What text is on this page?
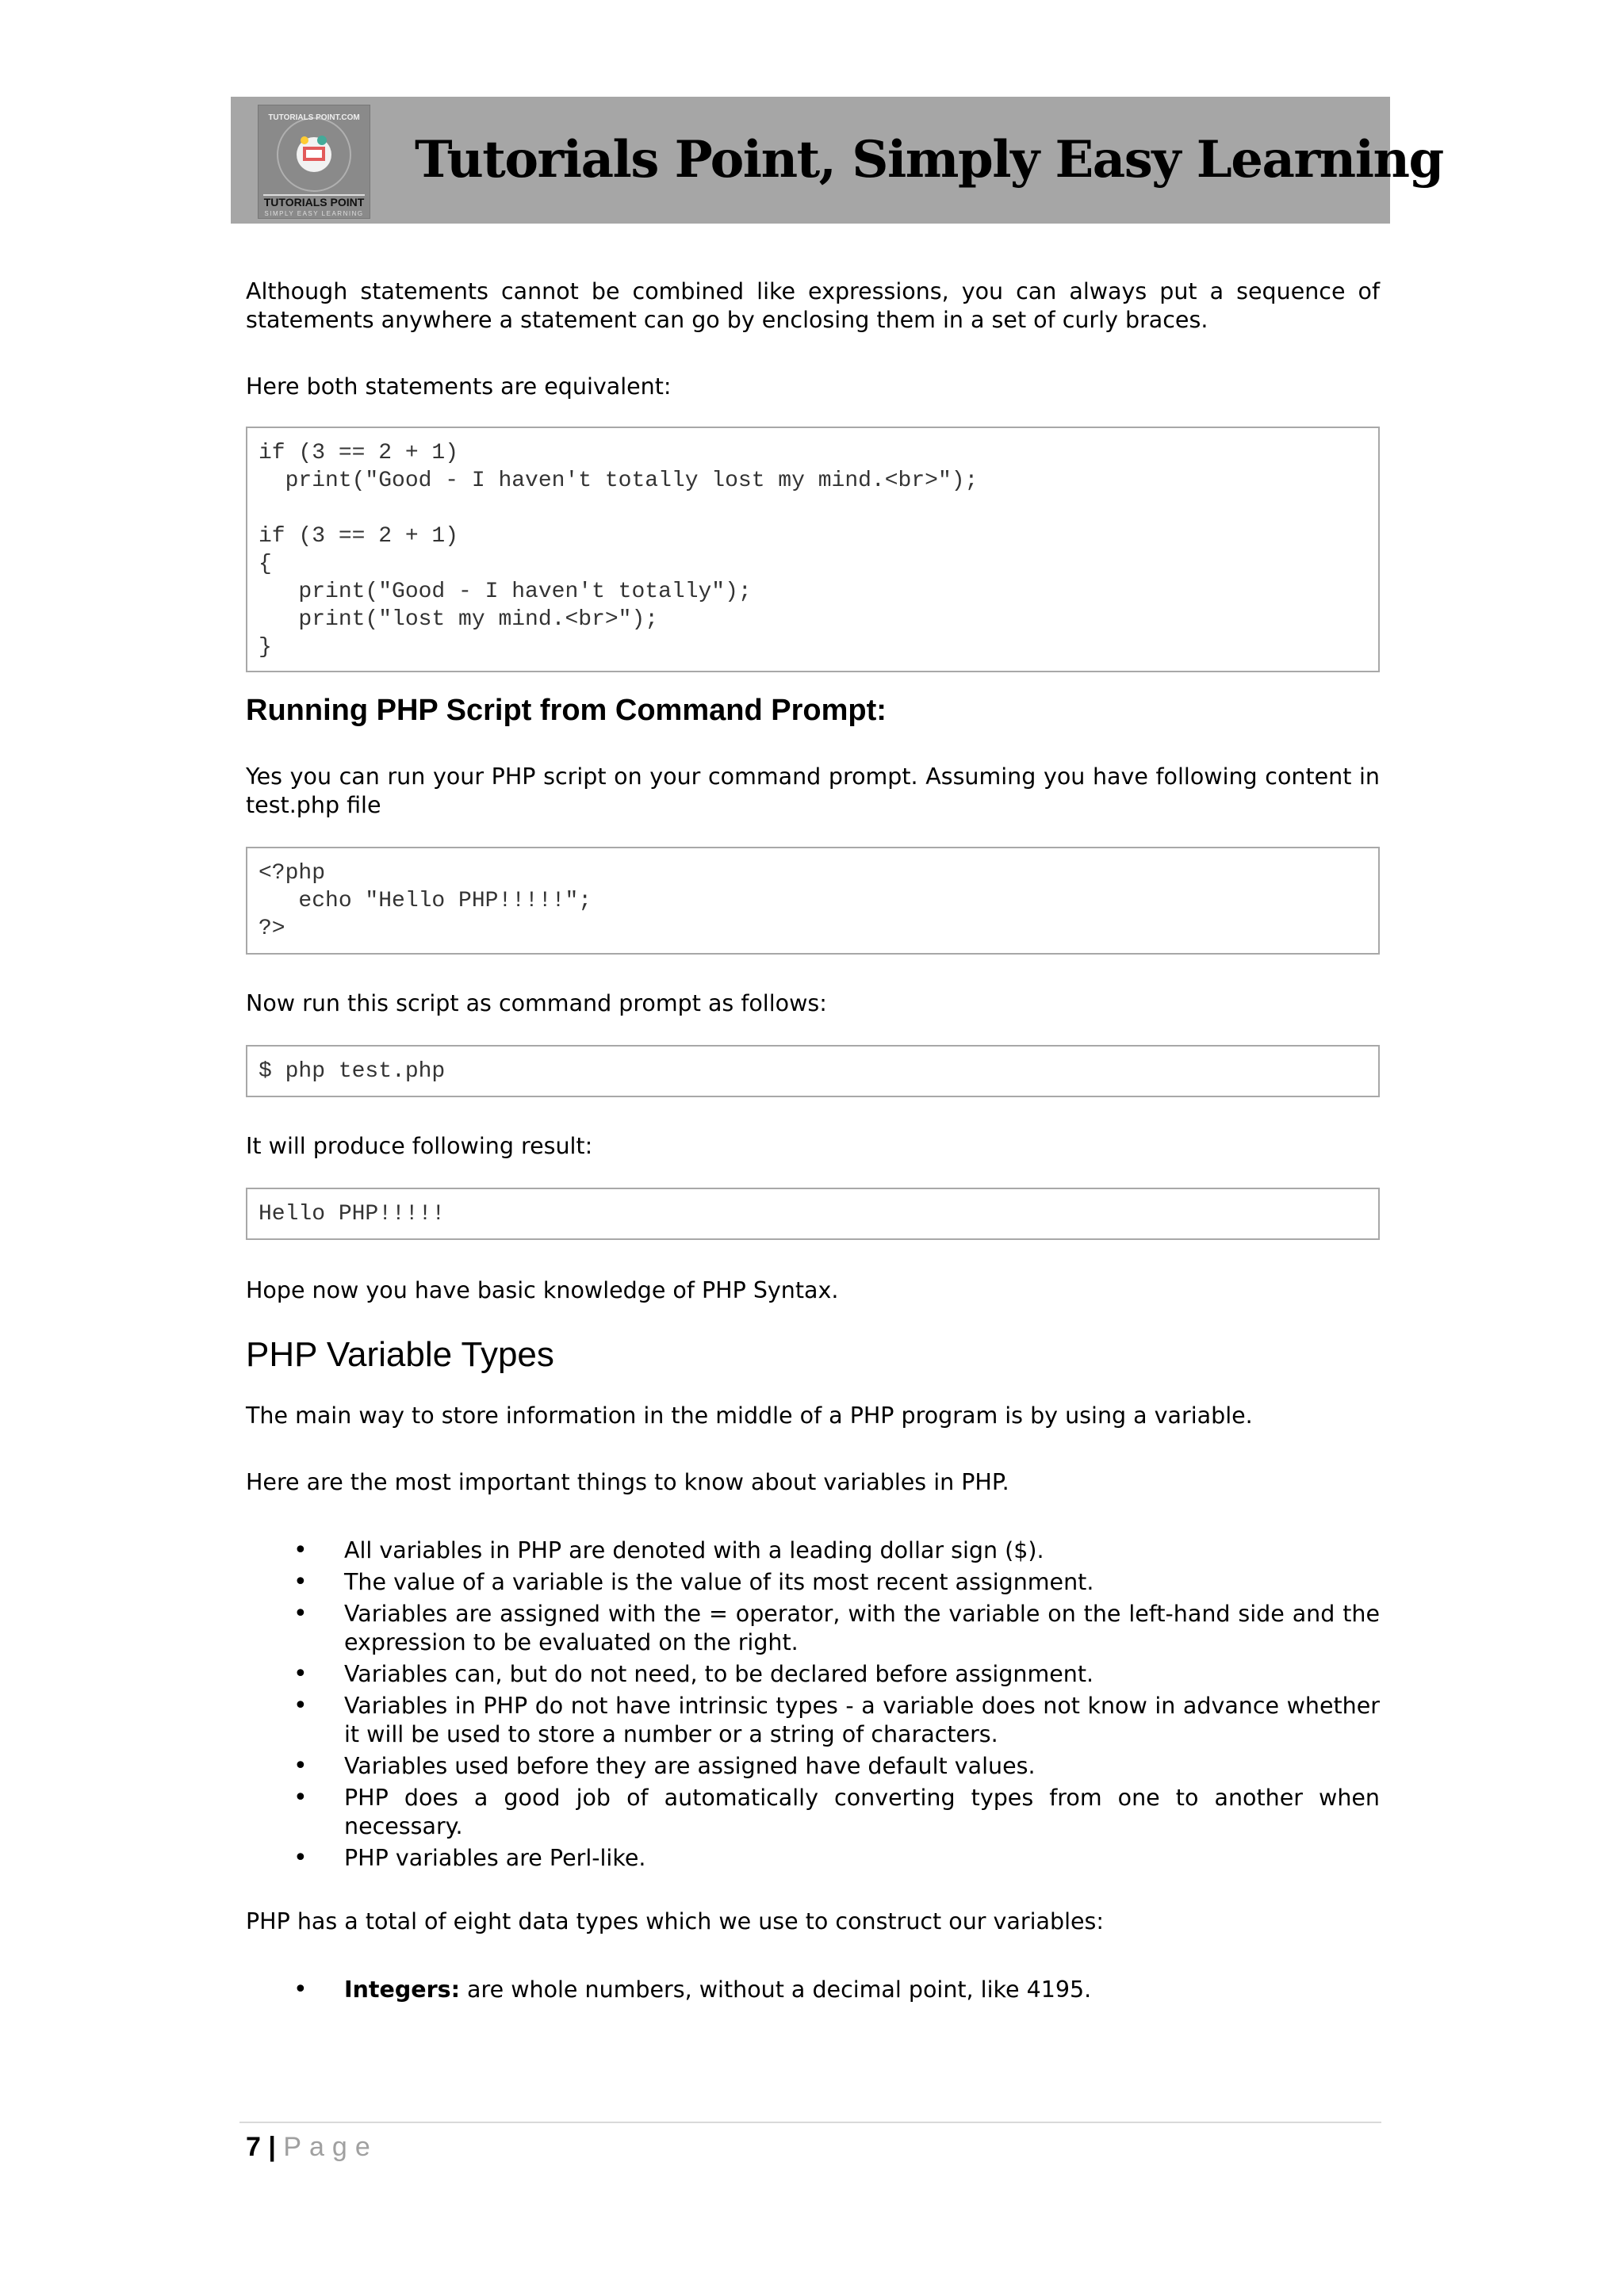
TUTORIALS POINT
SIMPLY EASY LEARNING
TUTORIALS POINT.COM
Tutorials Point, Simply Easy Learning

Although statements cannot be combined like expressions, you can always put a sequence of statements anywhere a statement can go by enclosing them in a set of curly braces.

Here both statements are equivalent:

if (3 == 2 + 1)
print("Good - I haven't totally lost my mind.<br>");

if (3 == 2 + 1)
{
print("Good - I haven't totally");
print("lost my mind.<br>");
}
Running PHP Script from Command Prompt:

Yes you can run your PHP script on your command prompt. Assuming you have following content in test.php file

<?php
echo "Hello PHP!!!!!";
?>

Now run this script as command prompt as follows:

$ php test.php

It will produce following result:

Hello PHP!!!!!

Hope now you have basic knowledge of PHP Syntax.

PHP Variable Types

The main way to store information in the middle of a PHP program is by using a variable.

Here are the most important things to know about variables in PHP.

• All variables in PHP are denoted with a leading dollar sign ($).
• The value of a variable is the value of its most recent assignment.
• Variables are assigned with the = operator, with the variable on the left-hand side and the expression to be evaluated on the right.
• Variables can, but do not need, to be declared before assignment.
• Variables in PHP do not have intrinsic types - a variable does not know in advance whether it will be used to store a number or a string of characters.
• Variables used before they are assigned have default values.
• PHP does a good job of automatically converting types from one to another when necessary.
• PHP variables are Perl-like.

PHP has a total of eight data types which we use to construct our variables:

• Integers: are whole numbers, without a decimal point, like 4195.
7 | Page
